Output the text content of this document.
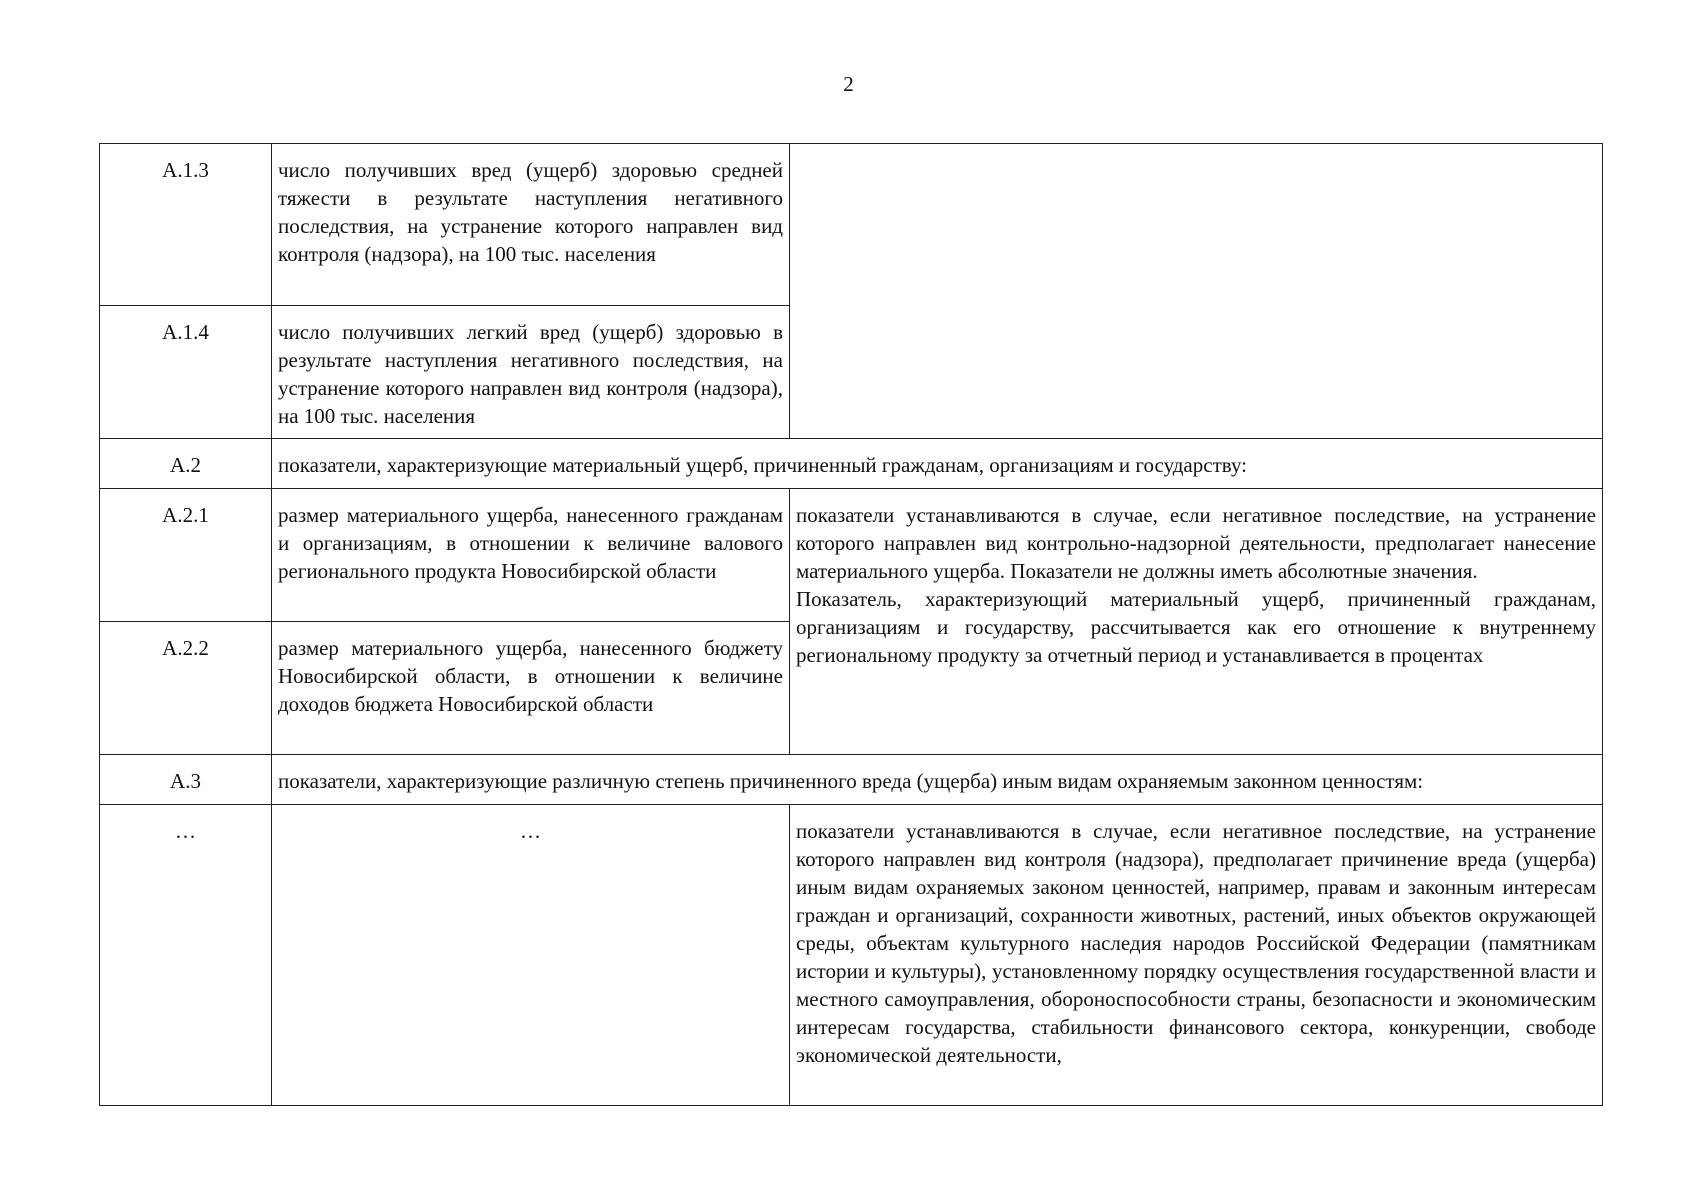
2
А.1.3	число получивших вред (ущерб) здоровью средней тяжести в результате наступления негативного последствия, на устранение которого направлен вид контроля (надзора), на 100 тыс. населения	

А.1.4	число получивших легкий вред (ущерб) здоровью в результате наступления негативного последствия, на устранение которого направлен вид контроля (надзора), на 100 тыс. населения	

А.2	показатели, характеризующие материальный ущерб, причиненный гражданам, организациям и государству:	
А.2.1	размер материального ущерба, нанесенного гражданам и организациям, в отношении к величине валового регионального продукта Новосибирской области	показатели устанавливаются в случае, если негативное последствие, на устранение которого направлен вид контрольно-надзорной деятельности, предполагает нанесение материального ущерба. Показатели не должны иметь абсолютные значения.
Показатель, характеризующий материальный ущерб, причиненный гражданам, организациям и государству, рассчитывается как его отношение к внутреннему региональному продукту за отчетный период и устанавливается в процентах

А.2.2	размер материального ущерба, нанесенного бюджету Новосибирской области, в отношении к величине доходов бюджета Новосибирской области	

А.3	показатели, характеризующие различную степень причиненного вреда (ущерба) иным видам охраняемым законном ценностям:	
…	…	показатели устанавливаются в случае, если негативное последствие, на устранение которого направлен вид контроля (надзора), предполагает причинение вреда (ущерба) иным видам охраняемых законом ценностей, например, правам и законным интересам граждан и организаций, сохранности животных, растений, иных объектов окружающей среды, объектам культурного наследия народов Российской Федерации (памятникам истории и культуры), установленному порядку осуществления государственной власти и местного самоуправления, обороноспособности страны, безопасности и экономическим интересам государства, стабильности финансового сектора, конкуренции, свободе экономической деятельности,
